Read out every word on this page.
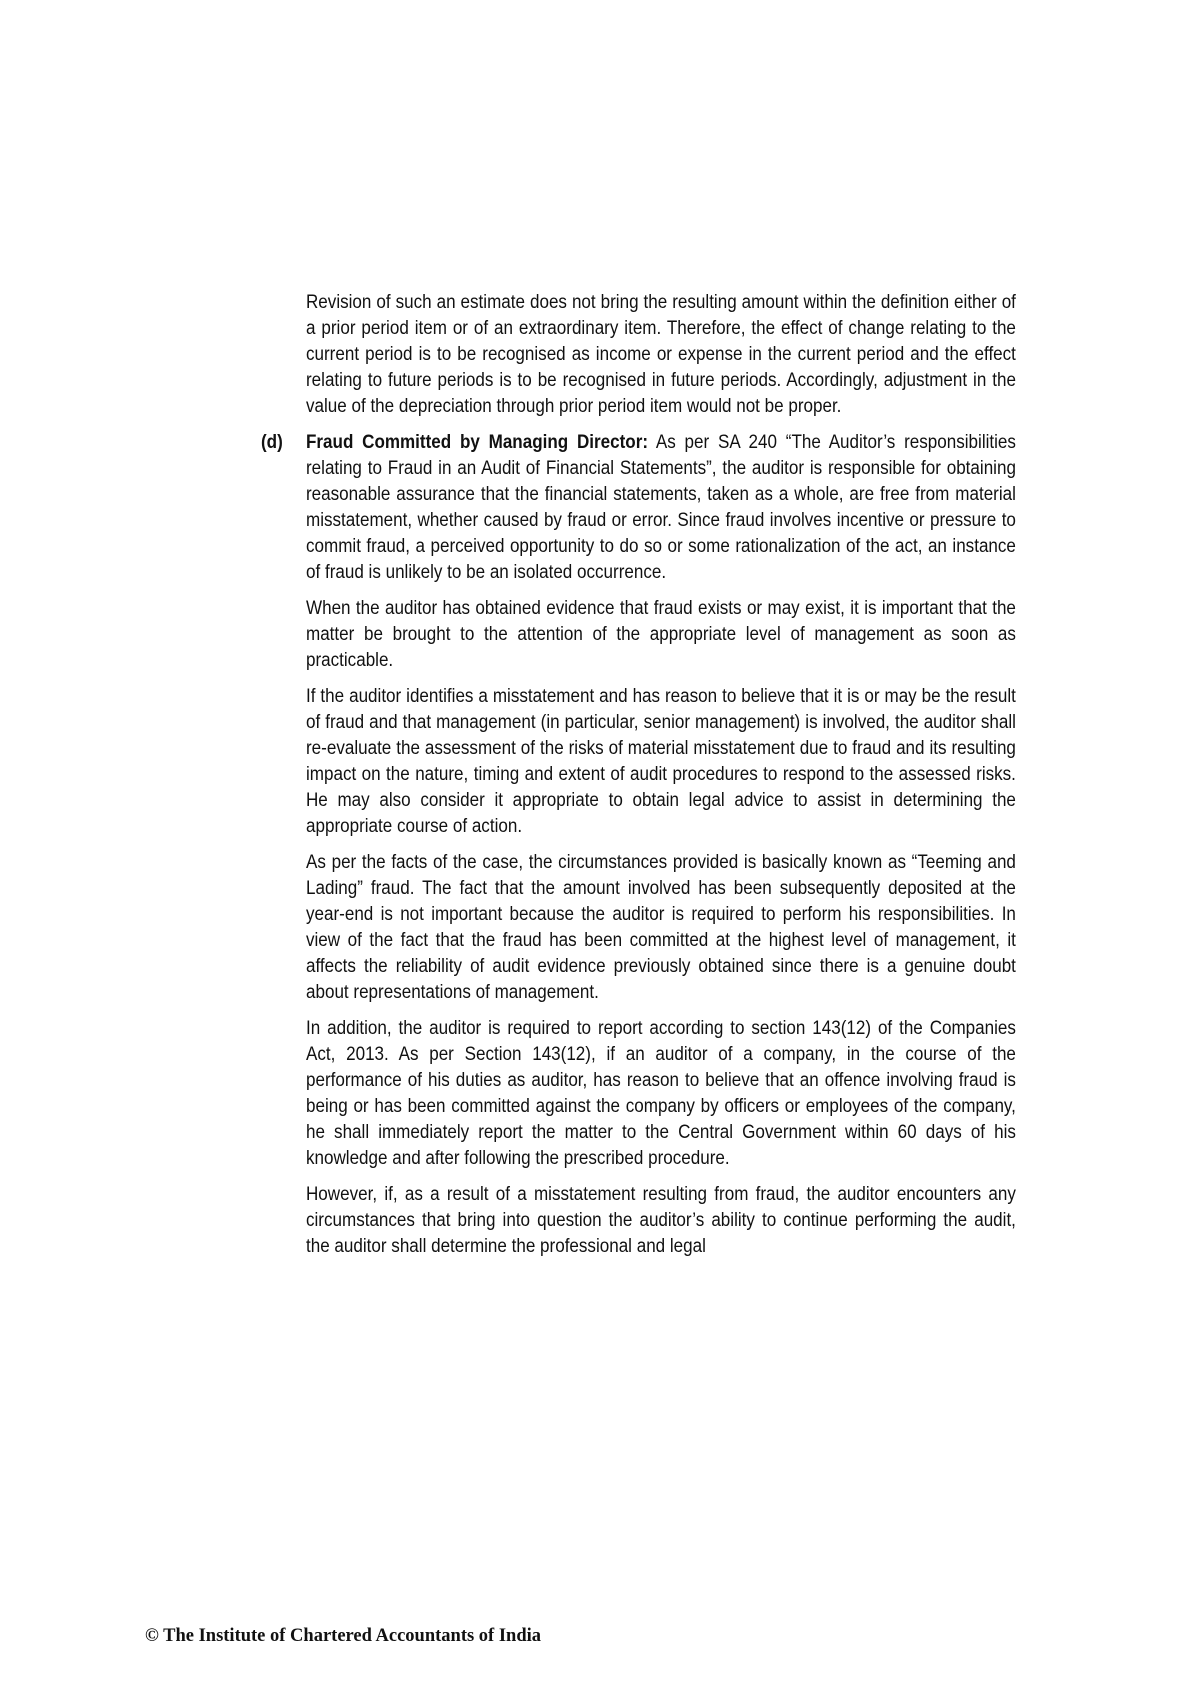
Revision of such an estimate does not bring the resulting amount within the definition either of a prior period item or of an extraordinary item. Therefore, the effect of change relating to the current period is to be recognised as income or expense in the current period and the effect relating to future periods is to be recognised in future periods. Accordingly, adjustment in the value of the depreciation through prior period item would not be proper.

(d) Fraud Committed by Managing Director: As per SA 240 “The Auditor’s responsibilities relating to Fraud in an Audit of Financial Statements”, the auditor is responsible for obtaining reasonable assurance that the financial statements, taken as a whole, are free from material misstatement, whether caused by fraud or error. Since fraud involves incentive or pressure to commit fraud, a perceived opportunity to do so or some rationalization of the act, an instance of fraud is unlikely to be an isolated occurrence.

When the auditor has obtained evidence that fraud exists or may exist, it is important that the matter be brought to the attention of the appropriate level of management as soon as practicable.

If the auditor identifies a misstatement and has reason to believe that it is or may be the result of fraud and that management (in particular, senior management) is involved, the auditor shall re-evaluate the assessment of the risks of material misstatement due to fraud and its resulting impact on the nature, timing and extent of audit procedures to respond to the assessed risks. He may also consider it appropriate to obtain legal advice to assist in determining the appropriate course of action.

As per the facts of the case, the circumstances provided is basically known as “Teeming and Lading” fraud. The fact that the amount involved has been subsequently deposited at the year-end is not important because the auditor is required to perform his responsibilities. In view of the fact that the fraud has been committed at the highest level of management, it affects the reliability of audit evidence previously obtained since there is a genuine doubt about representations of management.

In addition, the auditor is required to report according to section 143(12) of the Companies Act, 2013. As per Section 143(12), if an auditor of a company, in the course of the performance of his duties as auditor, has reason to believe that an offence involving fraud is being or has been committed against the company by officers or employees of the company, he shall immediately report the matter to the Central Government within 60 days of his knowledge and after following the prescribed procedure.

However, if, as a result of a misstatement resulting from fraud, the auditor encounters any circumstances that bring into question the auditor’s ability to continue performing the audit, the auditor shall determine the professional and legal

© The Institute of Chartered Accountants of India
